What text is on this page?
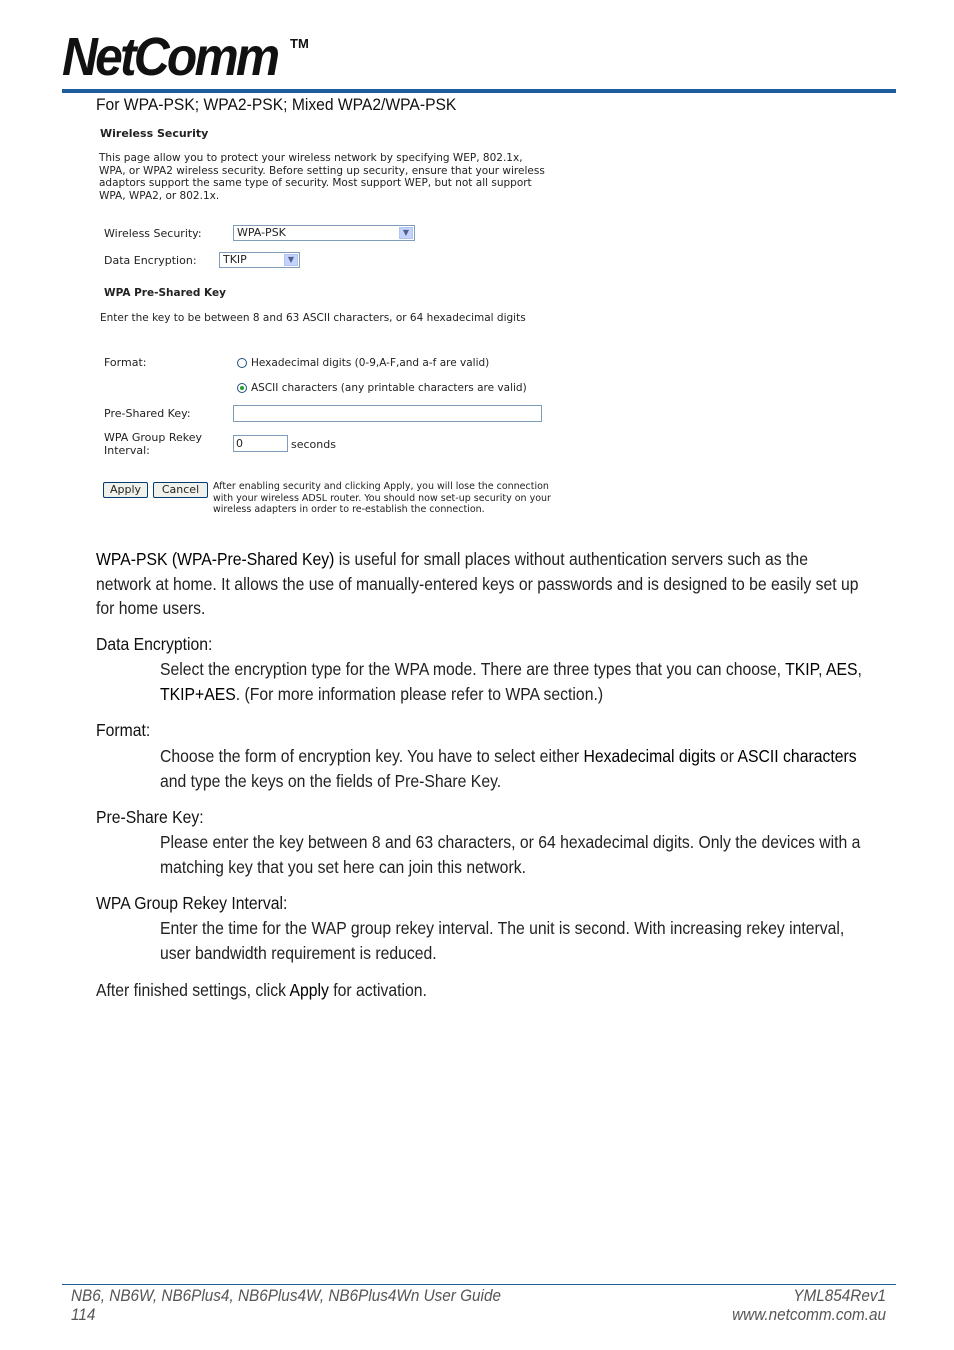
NetComm TM
For WPA-PSK; WPA2-PSK; Mixed WPA2/WPA-PSK
Wireless Security
This page allow you to protect your wireless network by specifying WEP, 802.1x, WPA, or WPA2 wireless security. Before setting up security, ensure that your wireless adaptors support the same type of security. Most support WEP, but not all support WPA, WPA2, or 802.1x.
Wireless Security:	WPA-PSK	▼
Data Encryption:	TKIP	▼
WPA Pre-Shared Key
Enter the key to be between 8 and 63 ASCII characters, or 64 hexadecimal digits
Format:	Hexadecimal digits (0-9,A-F,and a-f are valid)
ASCII characters (any printable characters are valid)
Pre-Shared Key:
WPA Group Rekey
Interval:
0	seconds
Apply	Cancel	After enabling security and clicking Apply, you will lose the connection with your wireless ADSL router. You should now set-up security on your wireless adapters in order to re-establish the connection.
WPA-PSK (WPA-Pre-Shared Key) is useful for small places without authentication servers such as the
network at home. It allows the use of manually-entered keys or passwords and is designed to be easily set up
for home users.
Data Encryption:
Select the encryption type for the WPA mode. There are three types that you can choose, TKIP, AES,
TKIP+AES. (For more information please refer to WPA section.)
Format:
Choose the form of encryption key. You have to select either Hexadecimal digits or ASCII characters
and type the keys on the fields of Pre-Share Key.
Pre-Share Key:
Please enter the key between 8 and 63 characters, or 64 hexadecimal digits. Only the devices with a
matching key that you set here can join this network.
WPA Group Rekey Interval:
Enter the time for the WAP group rekey interval. The unit is second. With increasing rekey interval,
user bandwidth requirement is reduced.
After finished settings, click Apply for activation.
NB6, NB6W, NB6Plus4, NB6Plus4W, NB6Plus4Wn User Guide
114
YML854Rev1
www.netcomm.com.au
